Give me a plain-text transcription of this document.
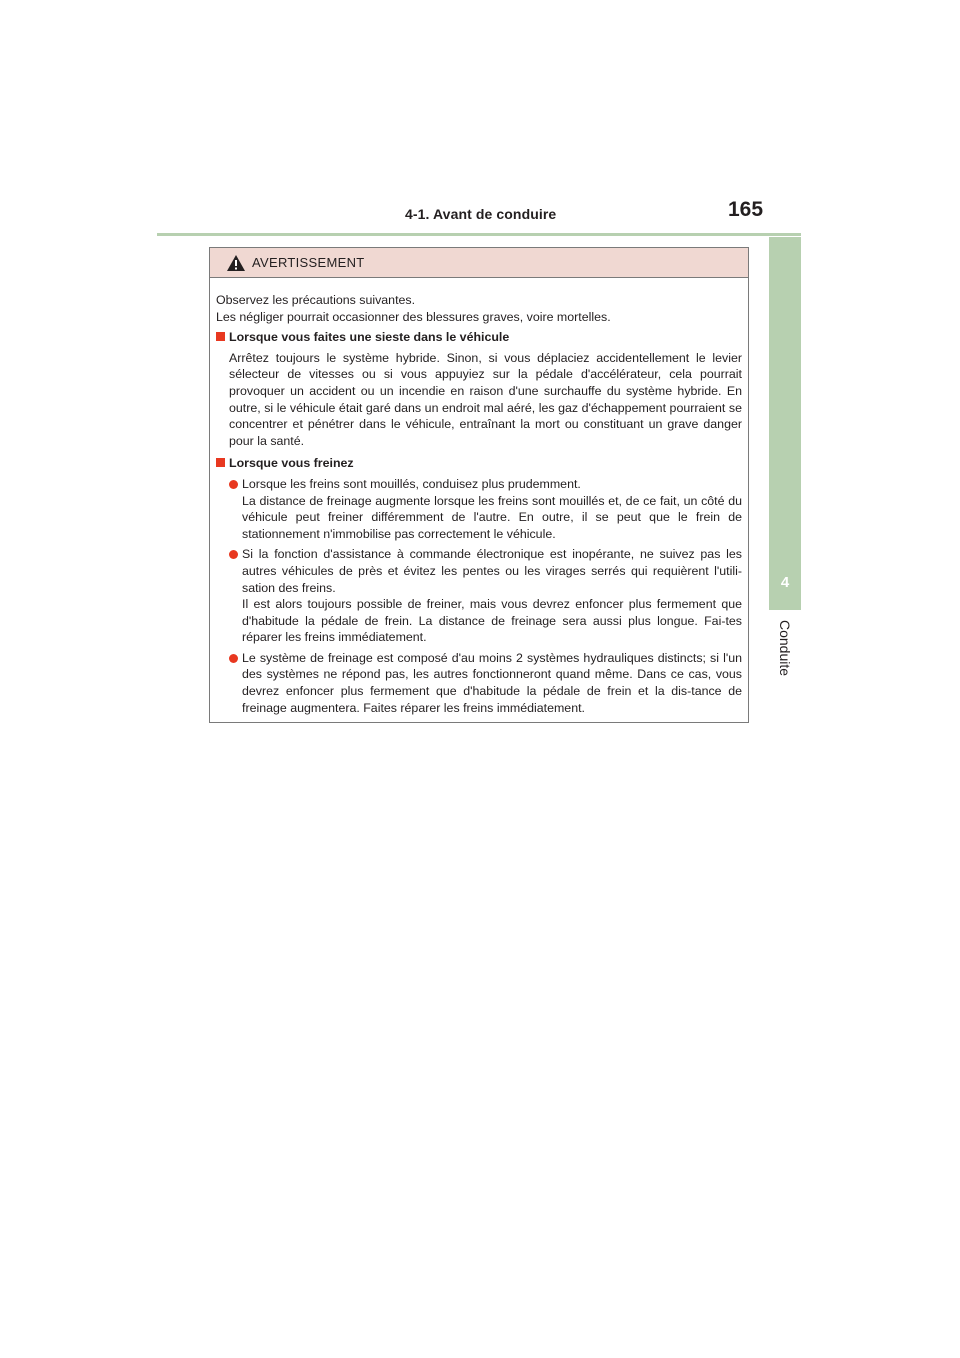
4-1. Avant de conduire	165
4
Conduite
AVERTISSEMENT

Observez les précautions suivantes.

Les négliger pourrait occasionner des blessures graves, voire mortelles.

Lorsque vous faites une sieste dans le véhicule

Arrêtez toujours le système hybride. Sinon, si vous déplaciez accidentellement le levier sélecteur de vitesses ou si vous appuyiez sur la pédale d'accélérateur, cela pourrait provoquer un accident ou un incendie en raison d'une surchauffe du système hybride. En outre, si le véhicule était garé dans un endroit mal aéré, les gaz d'échappement pourraient se concentrer et pénétrer dans le véhicule, entraînant la mort ou constituant un grave danger pour la santé.

Lorsque vous freinez
Lorsque les freins sont mouillés, conduisez plus prudemment.
La distance de freinage augmente lorsque les freins sont mouillés et, de ce fait, un côté du véhicule peut freiner différemment de l'autre. En outre, il se peut que le frein de stationnement n'immobilise pas correctement le véhicule.
Si la fonction d'assistance à commande électronique est inopérante, ne suivez pas les autres véhicules de près et évitez les pentes ou les virages serrés qui requièrent l'utili-sation des freins.
Il est alors toujours possible de freiner, mais vous devrez enfoncer plus fermement que d'habitude la pédale de frein. La distance de freinage sera aussi plus longue. Fai-tes réparer les freins immédiatement.
Le système de freinage est composé d'au moins 2 systèmes hydrauliques distincts; si l'un des systèmes ne répond pas, les autres fonctionneront quand même. Dans ce cas, vous devrez enfoncer plus fermement que d'habitude la pédale de frein et la dis-tance de freinage augmentera. Faites réparer les freins immédiatement.
